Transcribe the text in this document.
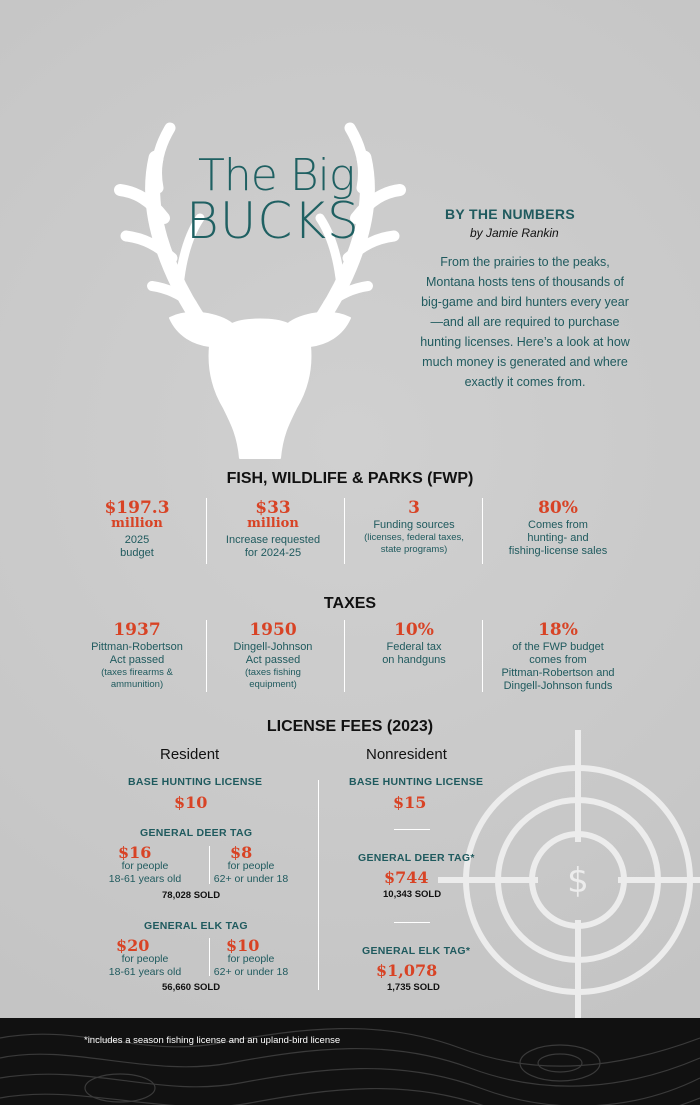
The Big
BUCKS	BY THE NUMBERS
by Jamie Rankin
From the prairies to the peaks, Montana hosts tens of thousands of big-game and bird hunters every year—and all are required to purchase hunting licenses. Here’s a look at how much money is generated and where exactly it comes from.
FISH, WILDLIFE & PARKS (FWP)
$197.3
million
2025
budget
$33
million
Increase requested
for 2024-25
3
Funding sources
(licenses, federal taxes,
state programs)
80%
Comes from
hunting- and
fishing-license sales
TAXES
1937
Pittman-Robertson
Act passed
(taxes firearms &
ammunition)
1950
Dingell-Johnson
Act passed
(taxes fishing
equipment)
10%
Federal tax
on handguns
18%
of the FWP budget
comes from
Pittman-Robertson and
Dingell-Johnson funds
$
LICENSE FEES (2023)
Resident	Nonresident
BASE HUNTING LICENSE
$10
GENERAL DEER TAG
$16
for people
18-61 years old
$8
for people
62+ or under 18
78,028 SOLD
GENERAL ELK TAG
$20
for people
18-61 years old
$10
for people
62+ or under 18
56,660 SOLD
BASE HUNTING LICENSE
$15
GENERAL DEER TAG*
$744
10,343 SOLD
GENERAL ELK TAG*
$1,078
1,735 SOLD
*includes a season fishing license and an upland-bird license
